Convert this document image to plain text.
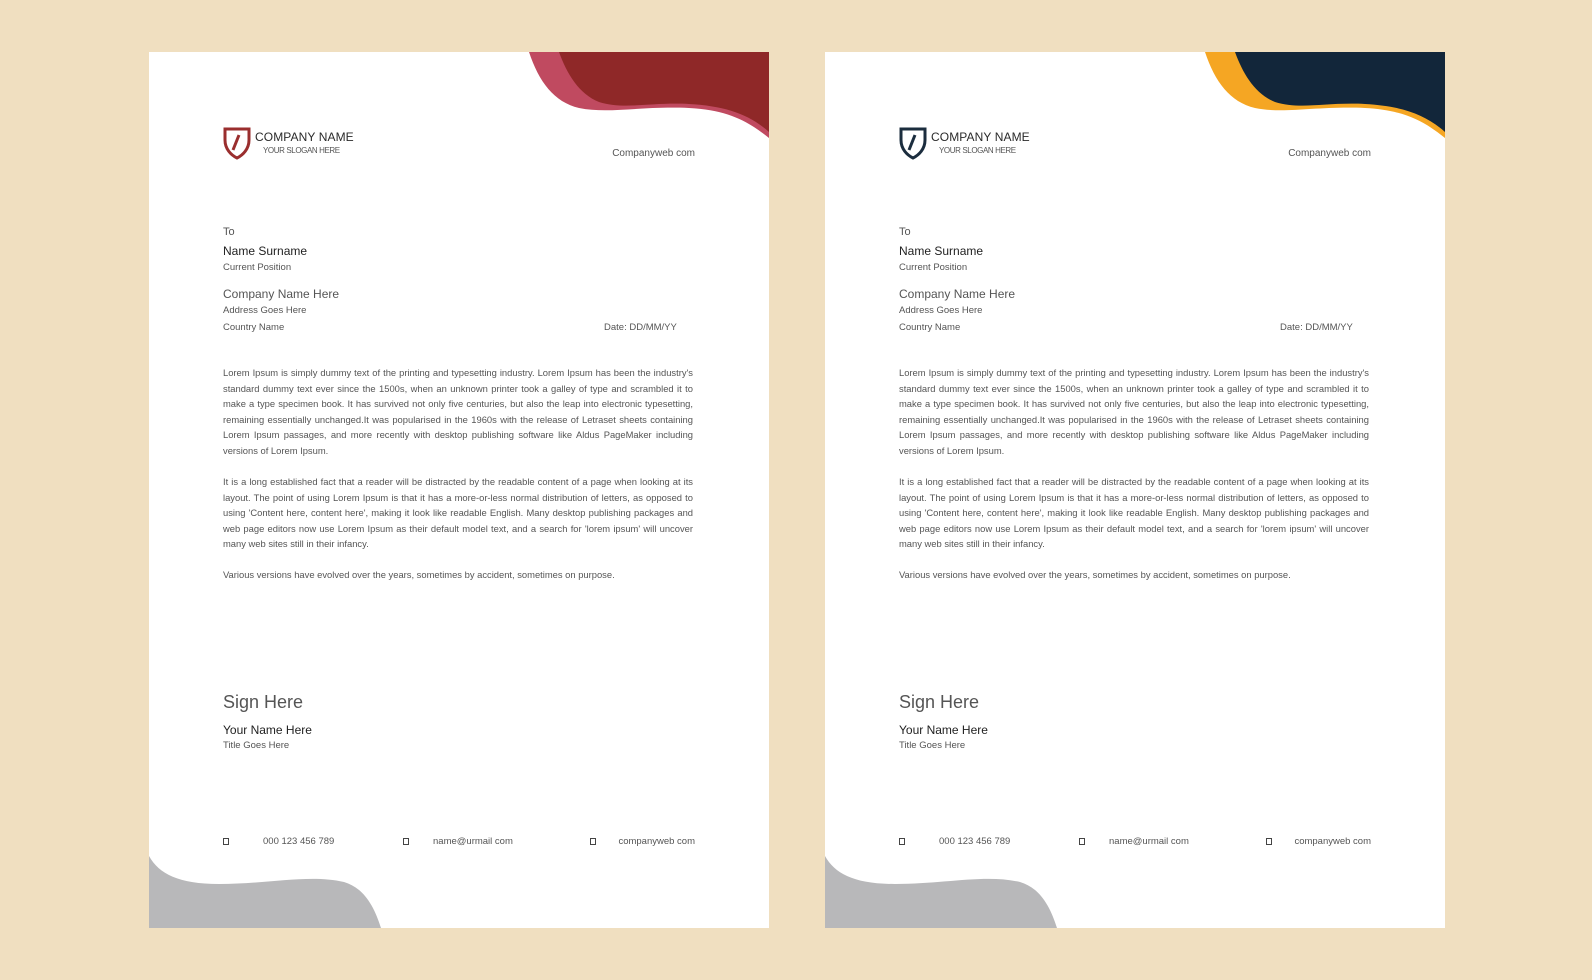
COMPANY NAME
YOUR SLOGAN HERE	Companyweb com
To
Name Surname
Current Position
Company Name Here
Address Goes Here
Country Name	Date: DD/MM/YY

Lorem Ipsum is simply dummy text of the printing and typesetting industry. Lorem Ipsum has been the industry's standard dummy text ever since the 1500s, when an unknown printer took a galley of type and scrambled it to make a type specimen book. It has survived not only five centuries, but also the leap into electronic typesetting, remaining essentially unchanged.It was popularised in the 1960s with the release of Letraset sheets containing Lorem Ipsum passages, and more recently with desktop publishing software like Aldus PageMaker including versions of Lorem Ipsum.

It is a long established fact that a reader will be distracted by the readable content of a page when looking at its layout. The point of using Lorem Ipsum is that it has a more-or-less normal distribution of letters, as opposed to using 'Content here, content here', making it look like readable English. Many desktop publishing packages and web page editors now use Lorem Ipsum as their default model text, and a search for 'lorem ipsum' will uncover many web sites still in their infancy.

Various versions have evolved over the years, sometimes by accident, sometimes on purpose.

Sign Here
Your Name Here
Title Goes Here
000 123 456 789	name@urmail com	companyweb com
COMPANY NAME
YOUR SLOGAN HERE	Companyweb com
To
Name Surname
Current Position
Company Name Here
Address Goes Here
Country Name	Date: DD/MM/YY

Lorem Ipsum is simply dummy text of the printing and typesetting industry. Lorem Ipsum has been the industry's standard dummy text ever since the 1500s, when an unknown printer took a galley of type and scrambled it to make a type specimen book. It has survived not only five centuries, but also the leap into electronic typesetting, remaining essentially unchanged.It was popularised in the 1960s with the release of Letraset sheets containing Lorem Ipsum passages, and more recently with desktop publishing software like Aldus PageMaker including versions of Lorem Ipsum.

It is a long established fact that a reader will be distracted by the readable content of a page when looking at its layout. The point of using Lorem Ipsum is that it has a more-or-less normal distribution of letters, as opposed to using 'Content here, content here', making it look like readable English. Many desktop publishing packages and web page editors now use Lorem Ipsum as their default model text, and a search for 'lorem ipsum' will uncover many web sites still in their infancy.

Various versions have evolved over the years, sometimes by accident, sometimes on purpose.

Sign Here
Your Name Here
Title Goes Here
000 123 456 789	name@urmail com	companyweb com
